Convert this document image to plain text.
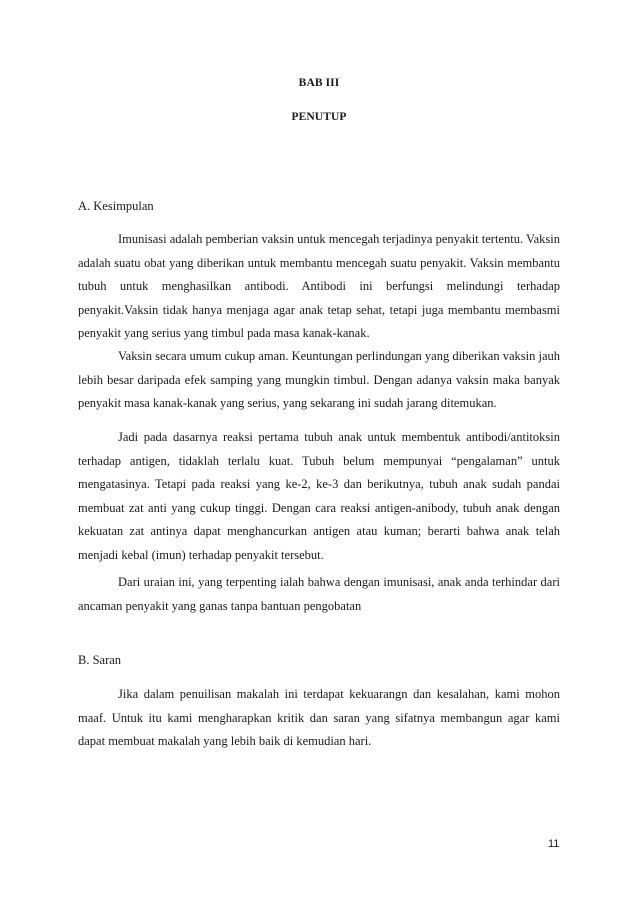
BAB III
PENUTUP
A. Kesimpulan

Imunisasi adalah pemberian vaksin untuk mencegah terjadinya penyakit tertentu. Vaksin adalah suatu obat yang diberikan untuk membantu mencegah suatu penyakit. Vaksin membantu tubuh untuk menghasilkan antibodi. Antibodi ini berfungsi melindungi terhadap penyakit.Vaksin tidak hanya menjaga agar anak tetap sehat, tetapi juga membantu membasmi penyakit yang serius yang timbul pada masa kanak-kanak.

Vaksin secara umum cukup aman. Keuntungan perlindungan yang diberikan vaksin jauh lebih besar daripada efek samping yang mungkin timbul. Dengan adanya vaksin maka banyak penyakit masa kanak-kanak yang serius, yang sekarang ini sudah jarang ditemukan.

Jadi pada dasarnya reaksi pertama tubuh anak untuk membentuk antibodi/antitoksin terhadap antigen, tidaklah terlalu kuat. Tubuh belum mempunyai “pengalaman” untuk mengatasinya. Tetapi pada reaksi yang ke-2, ke-3 dan berikutnya, tubuh anak sudah pandai membuat zat anti yang cukup tinggi. Dengan cara reaksi antigen-anibody, tubuh anak dengan kekuatan zat antinya dapat menghancurkan antigen atau kuman; berarti bahwa anak telah menjadi kebal (imun) terhadap penyakit tersebut.

Dari uraian ini, yang terpenting ialah bahwa dengan imunisasi, anak anda terhindar dari ancaman penyakit yang ganas tanpa bantuan pengobatan

B. Saran

Jika dalam penuilisan makalah ini terdapat kekuarangn dan kesalahan, kami mohon maaf. Untuk itu kami mengharapkan kritik dan saran yang sifatnya membangun agar kami dapat membuat makalah yang lebih baik di kemudian hari.

11
